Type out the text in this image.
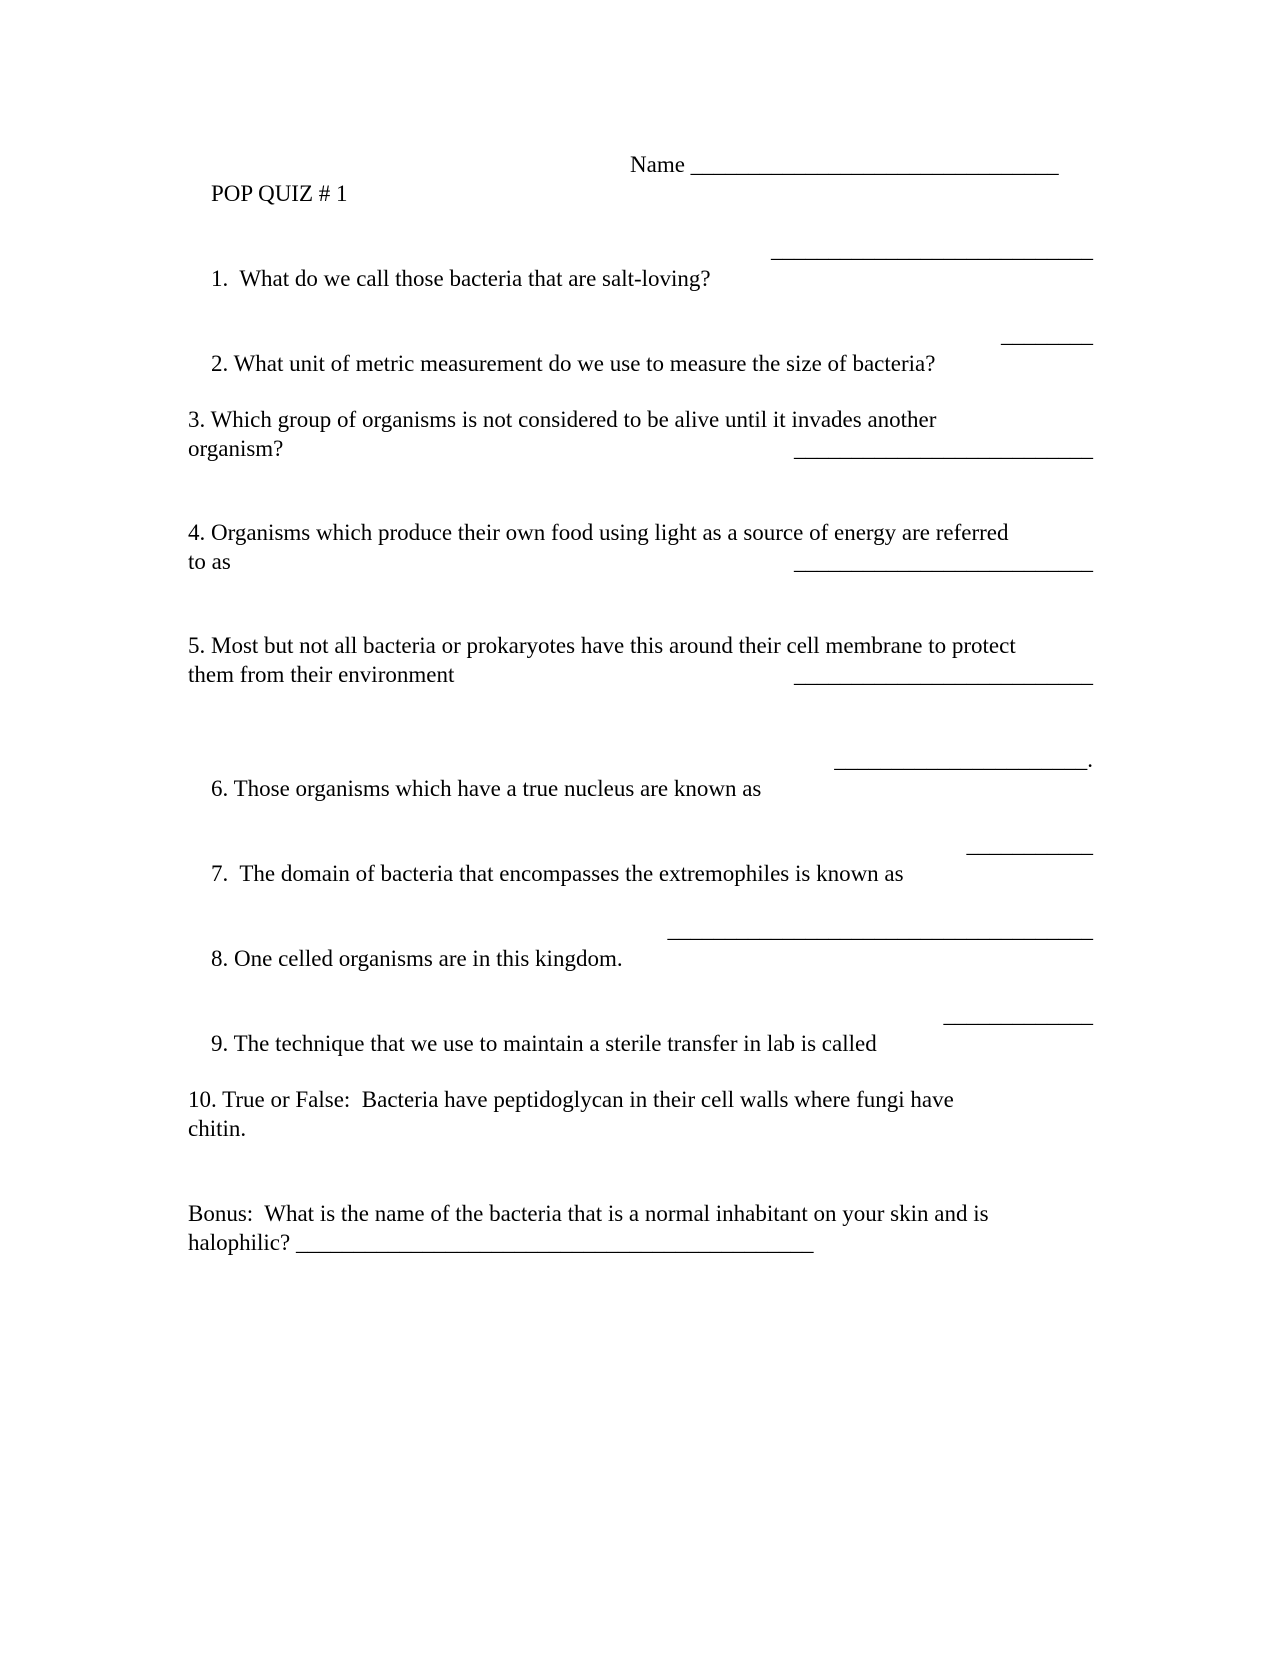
POP QUIZ # 1

Name ________________________________

1.  What do we call those bacteria that are salt-loving?

____________________________

2. What unit of metric measurement do we use to measure the size of bacteria?

________

3. Which group of organisms is not considered to be alive until it invades another
organism?	__________________________
4. Organisms which produce their own food using light as a source of energy are referred
to as	__________________________
5. Most but not all bacteria or prokaryotes have this around their cell membrane to protect
them from their environment	__________________________

6. Those organisms which have a true nucleus are known as

______________________.

7.  The domain of bacteria that encompasses the extremophiles is known as

___________

8. One celled organisms are in this kingdom.

_____________________________________

9. The technique that we use to maintain a sterile transfer in lab is called

_____________

10. True or False:  Bacteria have peptidoglycan in their cell walls where fungi have
chitin.
Bonus:  What is the name of the bacteria that is a normal inhabitant on your skin and is
halophilic? _____________________________________________
